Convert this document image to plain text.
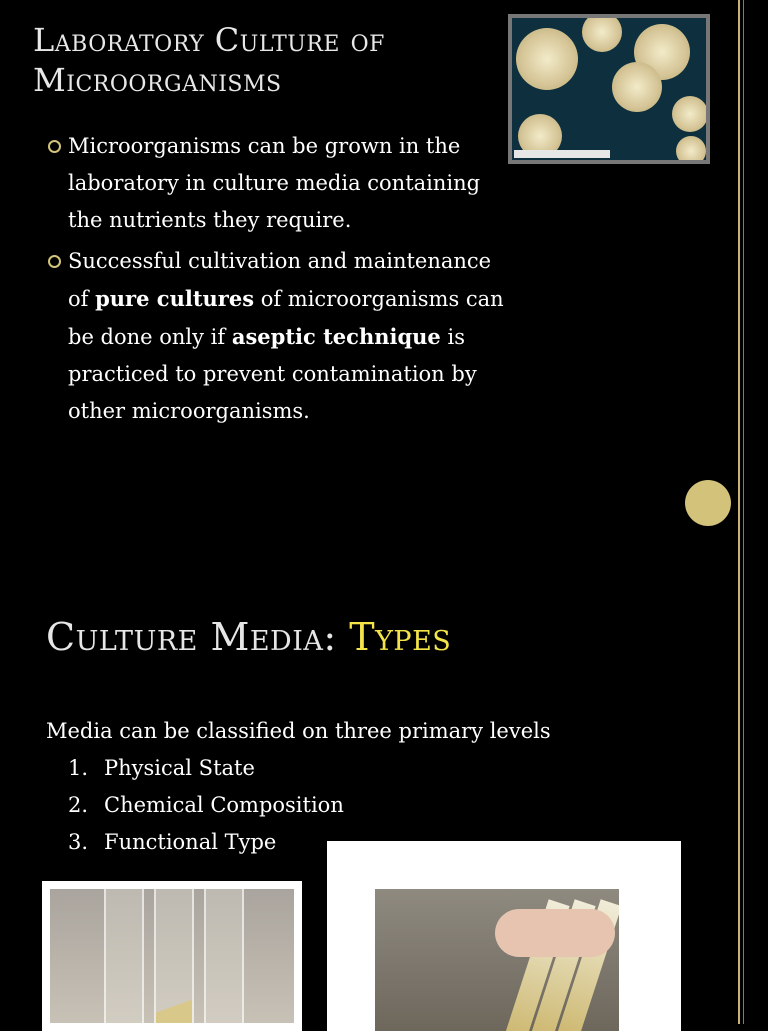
Laboratory Culture of Microorganisms
Microorganisms can be grown in the laboratory in culture media containing the nutrients they require.
Successful cultivation and maintenance of pure cultures of microorganisms can be done only if aseptic technique is practiced to prevent contamination by other microorganisms.
Culture Media: Types
Media can be classified on three primary levels
1. Physical State
2. Chemical Composition
3. Functional Type
